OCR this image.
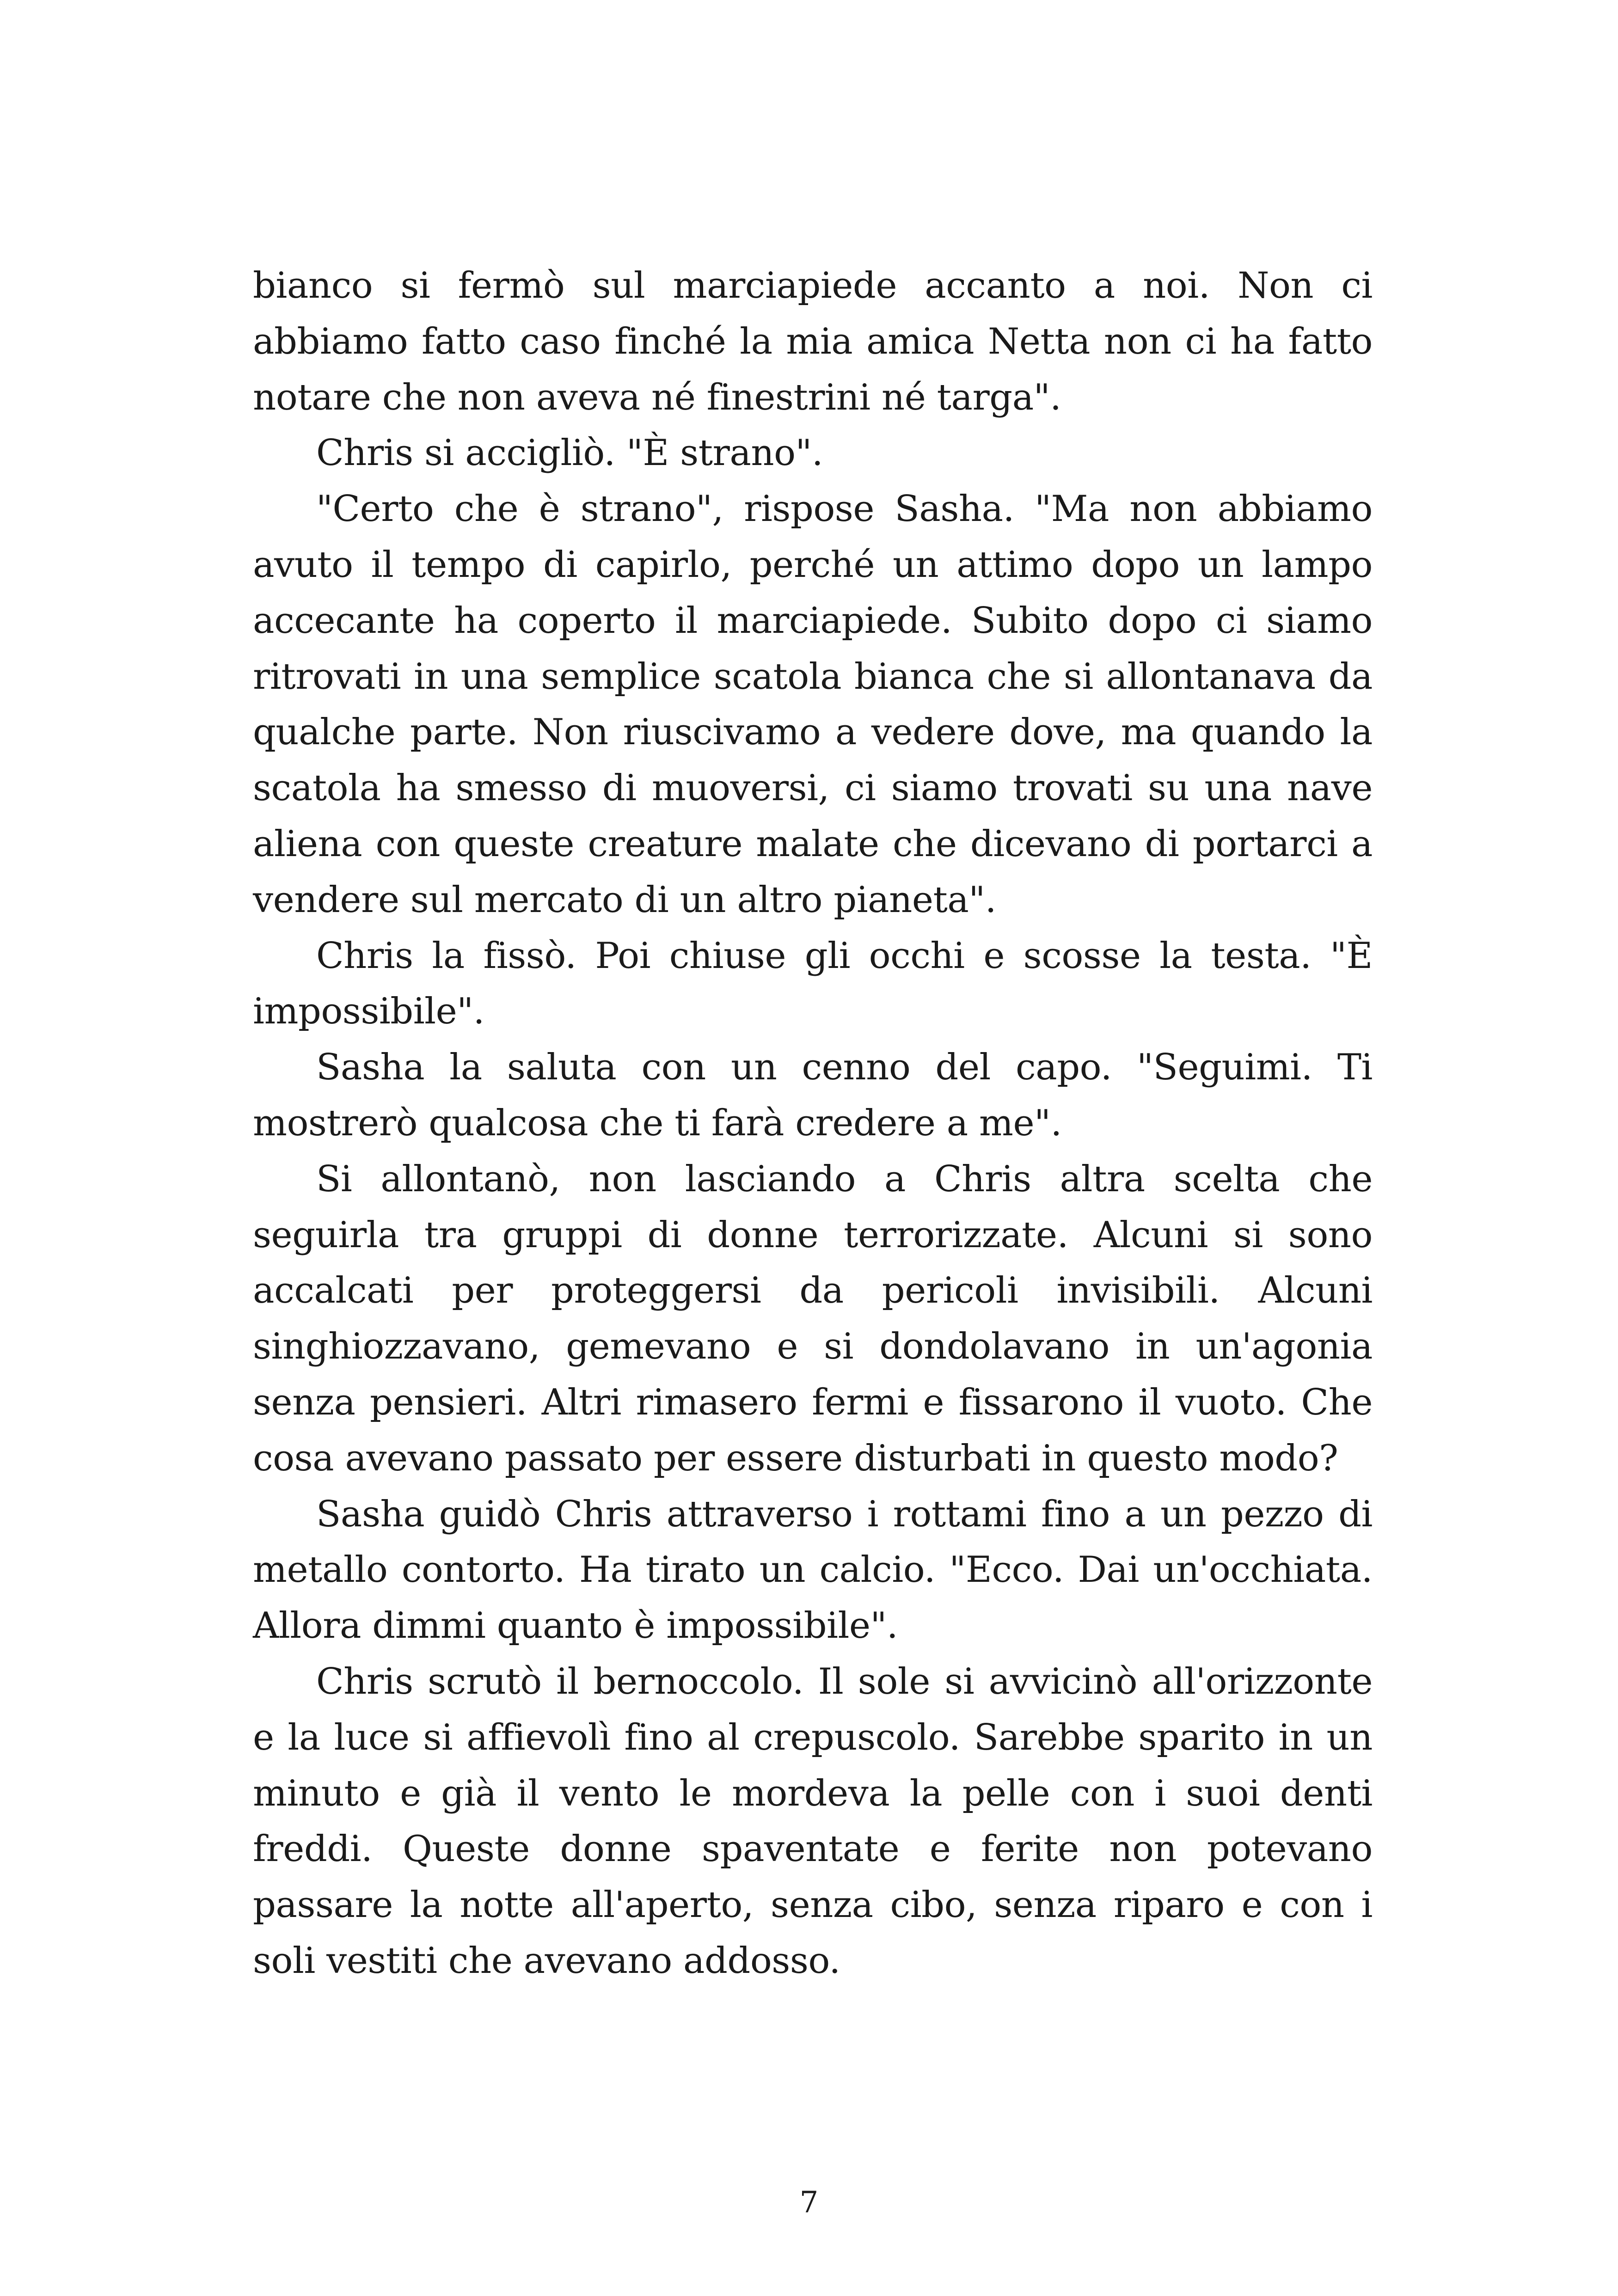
bianco si fermò sul marciapiede accanto a noi. Non ci abbiamo fatto caso finché la mia amica Netta non ci ha fatto notare che non aveva né finestrini né targa".

Chris si accigliò. "È strano".

"Certo che è strano", rispose Sasha. "Ma non abbiamo avuto il tempo di capirlo, perché un attimo dopo un lampo accecante ha coperto il marciapiede. Subito dopo ci siamo ritrovati in una semplice scatola bianca che si allontanava da qualche parte. Non riuscivamo a vedere dove, ma quando la scatola ha smesso di muoversi, ci siamo trovati su una nave aliena con queste creature malate che dicevano di portarci a vendere sul mercato di un altro pianeta".

Chris la fissò. Poi chiuse gli occhi e scosse la testa. "È impossibile".

Sasha la saluta con un cenno del capo. "Seguimi. Ti mostrerò qualcosa che ti farà credere a me".

Si allontanò, non lasciando a Chris altra scelta che seguirla tra gruppi di donne terrorizzate. Alcuni si sono accalcati per proteggersi da pericoli invisibili. Alcuni singhiozzavano, gemevano e si dondolavano in un'agonia senza pensieri. Altri rimasero fermi e fissarono il vuoto. Che cosa avevano passato per essere disturbati in questo modo?

Sasha guidò Chris attraverso i rottami fino a un pezzo di metallo contorto. Ha tirato un calcio. "Ecco. Dai un'occhiata. Allora dimmi quanto è impossibile".

Chris scrutò il bernoccolo. Il sole si avvicinò all'orizzonte e la luce si affievolì fino al crepuscolo. Sarebbe sparito in un minuto e già il vento le mordeva la pelle con i suoi denti freddi. Queste donne spaventate e ferite non potevano passare la notte all'aperto, senza cibo, senza riparo e con i soli vestiti che avevano addosso.

7
